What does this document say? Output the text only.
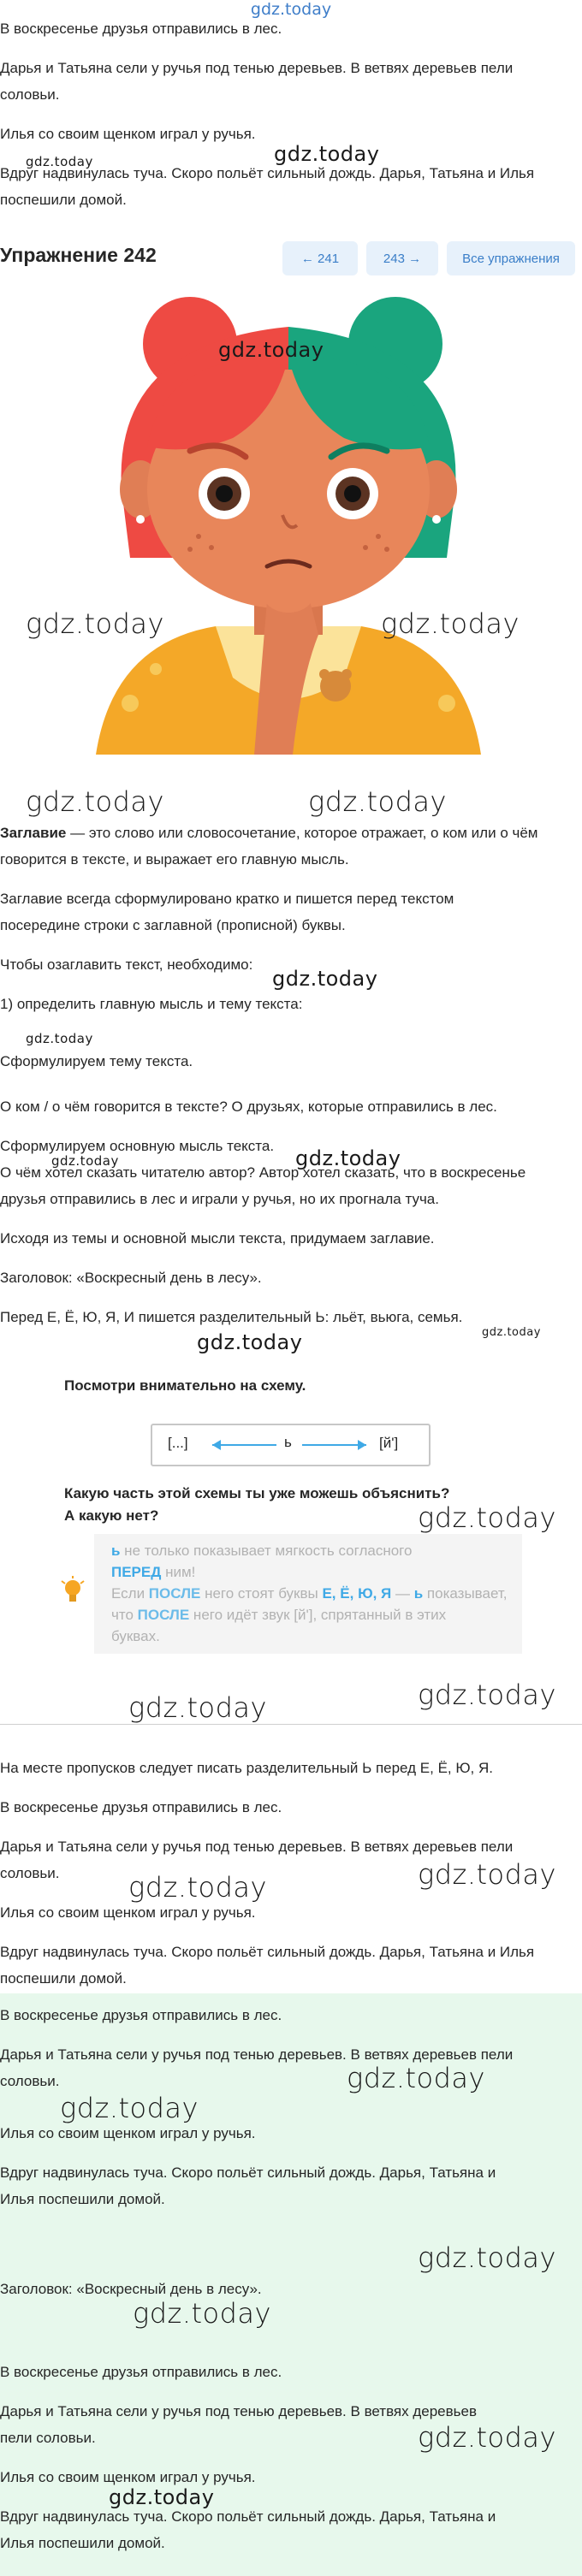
gdz.today

В воскресенье друзья отправились в лес.

Дарья и Татьяна сели у ручья под тенью деревьев. В ветвях деревьев пели

соловьи.

Илья со своим щенком играл у ручья.

Вдруг надвинулась туча. Скоро польёт сильный дождь. Дарья, Татьяна и Илья

поспешили домой.

Упражнение 242	← 241	243 →	Все упражнения

Заглавие — это слово или словосочетание, которое отражает, о ком или о чём

говорится в тексте, и выражает его главную мысль.

Заглавие всегда сформулировано кратко и пишется перед текстом

посередине строки с заглавной (прописной) буквы.

Чтобы озаглавить текст, необходимо:

1) определить главную мысль и тему текста:

Сформулируем тему текста.

О ком / о чём говорится в тексте? О друзьях, которые отправились в лес.

Сформулируем основную мысль текста.

О чём хотел сказать читателю автор? Автор хотел сказать, что в воскресенье

друзья отправились в лес и играли у ручья, но их прогнала туча.

Исходя из темы и основной мысли текста, придумаем заглавие.

Заголовок: «Воскресный день в лесу».

Перед Е, Ё, Ю, Я, И пишется разделительный Ь: льёт, вьюга, семья.

Посмотри внимательно на схему.
[...]	ь	[й']
Какую часть этой схемы ты уже можешь объяснить?
А какую нет?
ь не только показывает мягкость согласного
ПЕРЕД ним!
Если ПОСЛЕ него стоят буквы Е, Ё, Ю, Я — ь показывает,
что ПОСЛЕ него идёт звук [й'], спрятанный в этих
буквах.

На месте пропусков следует писать разделительный Ь перед Е, Ё, Ю, Я.

В воскресенье друзья отправились в лес.

Дарья и Татьяна сели у ручья под тенью деревьев. В ветвях деревьев пели

соловьи.

Илья со своим щенком играл у ручья.

Вдруг надвинулась туча. Скоро польёт сильный дождь. Дарья, Татьяна и Илья

поспешили домой.

В воскресенье друзья отправились в лес.

Дарья и Татьяна сели у ручья под тенью деревьев. В ветвях деревьев пели

соловьи.

Илья со своим щенком играл у ручья.

Вдруг надвинулась туча. Скоро польёт сильный дождь. Дарья, Татьяна и

Илья поспешили домой.

Заголовок: «Воскресный день в лесу».

В воскресенье друзья отправились в лес.

Дарья и Татьяна сели у ручья под тенью деревьев. В ветвях деревьев

пели соловьи.

Илья со своим щенком играл у ручья.

Вдруг надвинулась туча. Скоро польёт сильный дождь. Дарья, Татьяна и

Илья поспешили домой.

gdz.today	gdz.today
gdz.today
gdz.today	gdz.today
gdz.today	gdz.today
gdz.today
gdz.today
gdz.today
gdz.today
gdz.today	gdz.today
gdz.today
gdz.today
gdz.today
gdz.today
gdz.today
gdz.today
gdz.today
gdz.today
gdz.today
gdz.today
gdz.today
